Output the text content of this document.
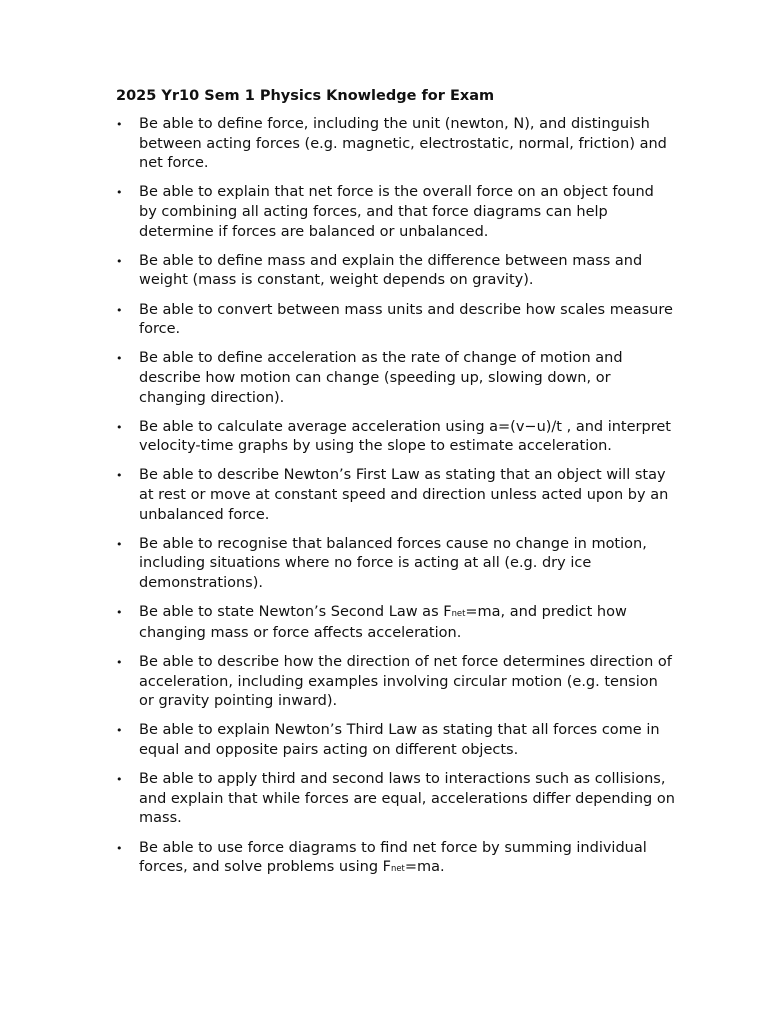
2025 Yr10 Sem 1 Physics Knowledge for Exam
• Be able to define force, including the unit (newton, N), and distinguish between acting forces (e.g. magnetic, electrostatic, normal, friction) and net force.
• Be able to explain that net force is the overall force on an object found by combining all acting forces, and that force diagrams can help determine if forces are balanced or unbalanced.
• Be able to define mass and explain the difference between mass and weight (mass is constant, weight depends on gravity).
• Be able to convert between mass units and describe how scales measure force.
• Be able to define acceleration as the rate of change of motion and describe how motion can change (speeding up, slowing down, or changing direction).
• Be able to calculate average acceleration using a=(v−u)/t , and interpret velocity-time graphs by using the slope to estimate acceleration.
• Be able to describe Newton’s First Law as stating that an object will stay at rest or move at constant speed and direction unless acted upon by an unbalanced force.
• Be able to recognise that balanced forces cause no change in motion, including situations where no force is acting at all (e.g. dry ice demonstrations).
• Be able to state Newton’s Second Law as Fnet=ma, and predict how changing mass or force affects acceleration.
• Be able to describe how the direction of net force determines direction of acceleration, including examples involving circular motion (e.g. tension or gravity pointing inward).
• Be able to explain Newton’s Third Law as stating that all forces come in equal and opposite pairs acting on different objects.
• Be able to apply third and second laws to interactions such as collisions, and explain that while forces are equal, accelerations differ depending on mass.
• Be able to use force diagrams to find net force by summing individual forces, and solve problems using Fnet=ma.
